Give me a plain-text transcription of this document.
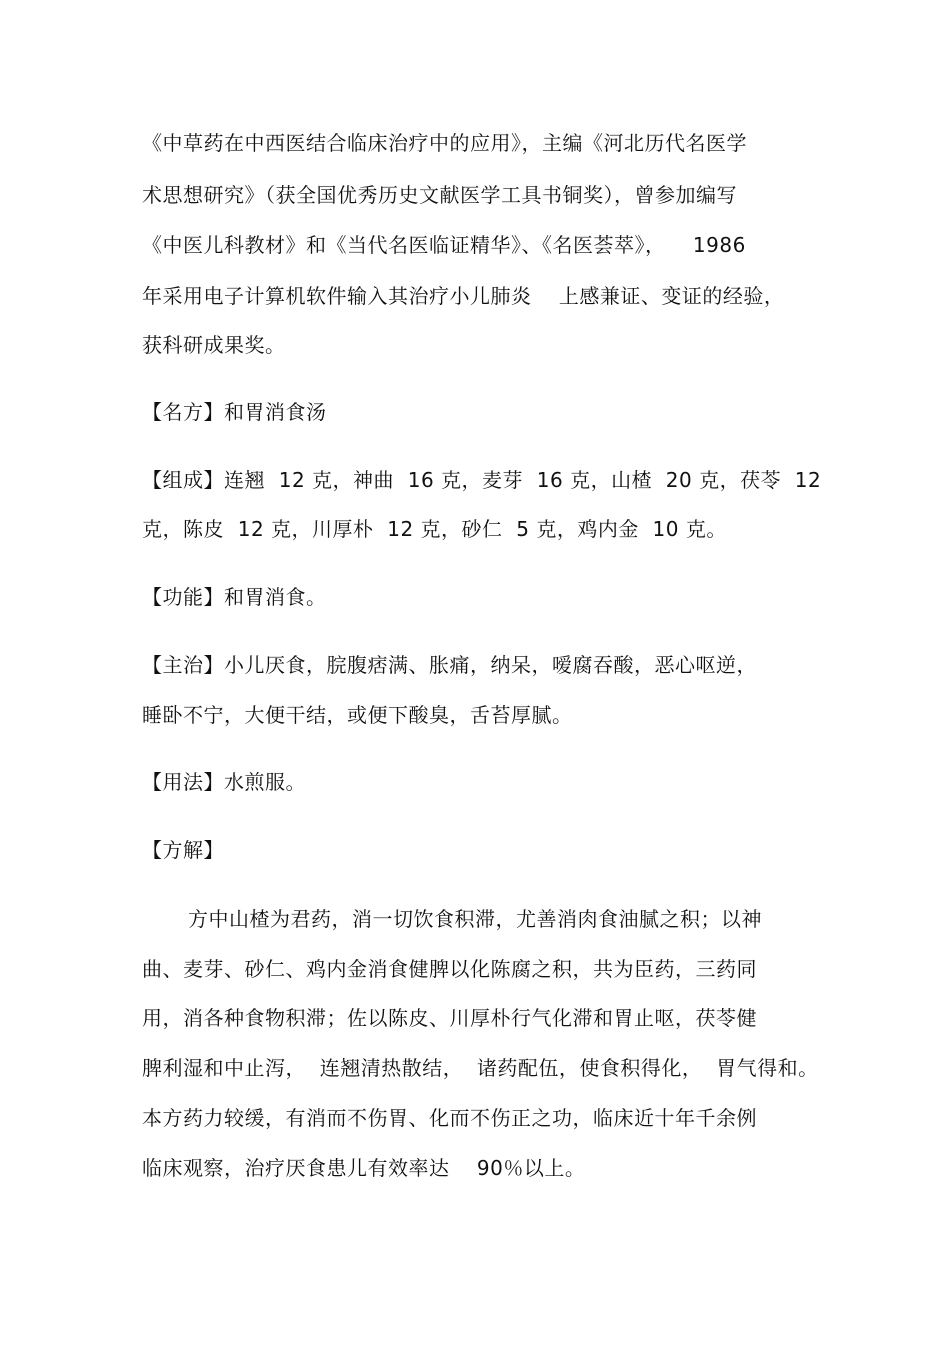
《中草药在中西医结合临床治疗中的应用》，主编《河北历代名医学
术思想研究》（获全国优秀历史文献医学工具书铜奖），曾参加编写
《中医儿科教材》和《当代名医临证精华》、《名医荟萃》，    1986
年采用电子计算机软件输入其治疗小儿肺炎    上感兼证、变证的经验，
获科研成果奖。
【名方】和胃消食汤
【组成】连翘  12 克，神曲  16 克，麦芽  16 克，山楂  20 克，茯苓  12
克，陈皮  12 克，川厚朴  12 克，砂仁  5 克，鸡内金  10 克。
【功能】和胃消食。
【主治】小儿厌食，脘腹痞满、胀痛，纳呆，嗳腐吞酸，恶心呕逆，
睡卧不宁，大便干结，或便下酸臭，舌苔厚腻。
【用法】水煎服。
【方解】
方中山楂为君药，消一切饮食积滞，尤善消肉食油腻之积；以神
曲、麦芽、砂仁、鸡内金消食健脾以化陈腐之积，共为臣药，三药同
用，消各种食物积滞；佐以陈皮、川厚朴行气化滞和胃止呕，茯苓健
脾利湿和中止泻，  连翘清热散结，  诸药配伍，使食积得化，  胃气得和。
本方药力较缓，有消而不伤胃、化而不伤正之功，临床近十年千余例
临床观察，治疗厌食患儿有效率达    90％以上。
